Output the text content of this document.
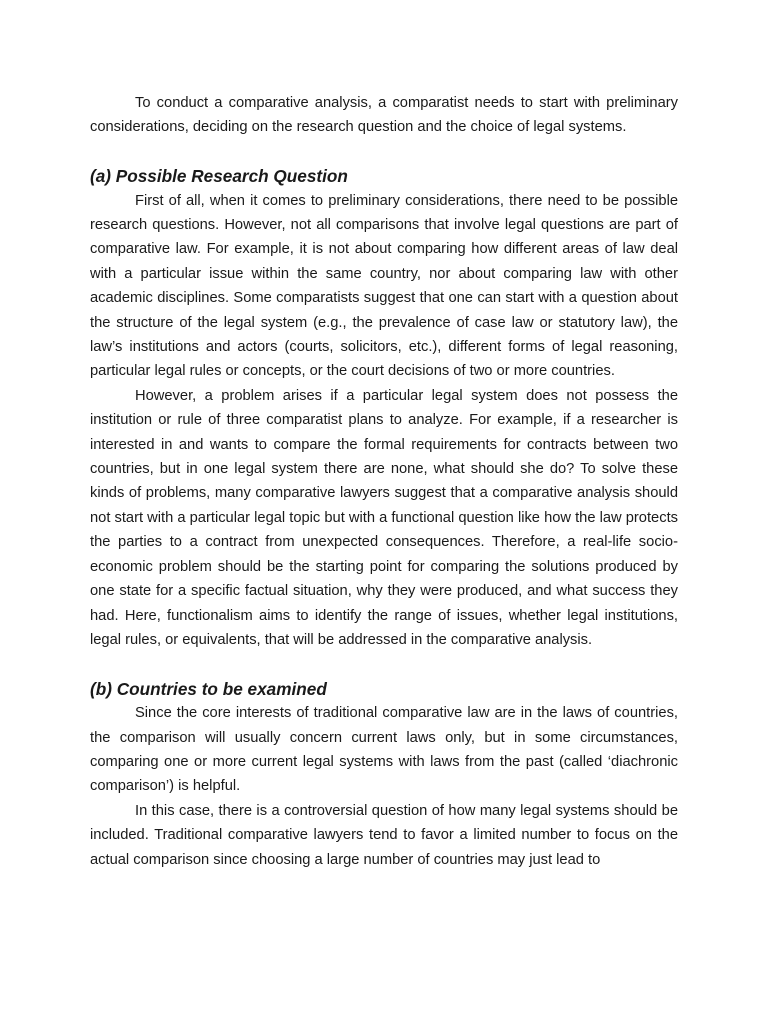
To conduct a comparative analysis, a comparatist needs to start with preliminary considerations, deciding on the research question and the choice of legal systems.

(a) Possible Research Question

First of all, when it comes to preliminary considerations, there need to be possible research questions. However, not all comparisons that involve legal questions are part of comparative law. For example, it is not about comparing how different areas of law deal with a particular issue within the same country, nor about comparing law with other academic disciplines. Some comparatists suggest that one can start with a question about the structure of the legal system (e.g., the prevalence of case law or statutory law), the law’s institutions and actors (courts, solicitors, etc.), different forms of legal reasoning, particular legal rules or concepts, or the court decisions of two or more countries.

However, a problem arises if a particular legal system does not possess the institution or rule of three comparatist plans to analyze. For example, if a researcher is interested in and wants to compare the formal requirements for contracts between two countries, but in one legal system there are none, what should she do? To solve these kinds of problems, many comparative lawyers suggest that a comparative analysis should not start with a particular legal topic but with a functional question like how the law protects the parties to a contract from unexpected consequences. Therefore, a real-life socio-economic problem should be the starting point for comparing the solutions produced by one state for a specific factual situation, why they were produced, and what success they had. Here, functionalism aims to identify the range of issues, whether legal institutions, legal rules, or equivalents, that will be addressed in the comparative analysis.

(b) Countries to be examined

Since the core interests of traditional comparative law are in the laws of countries, the comparison will usually concern current laws only, but in some circumstances, comparing one or more current legal systems with laws from the past (called ‘diachronic comparison’) is helpful.

In this case, there is a controversial question of how many legal systems should be included. Traditional comparative lawyers tend to favor a limited number to focus on the actual comparison since choosing a large number of countries may just lead to
